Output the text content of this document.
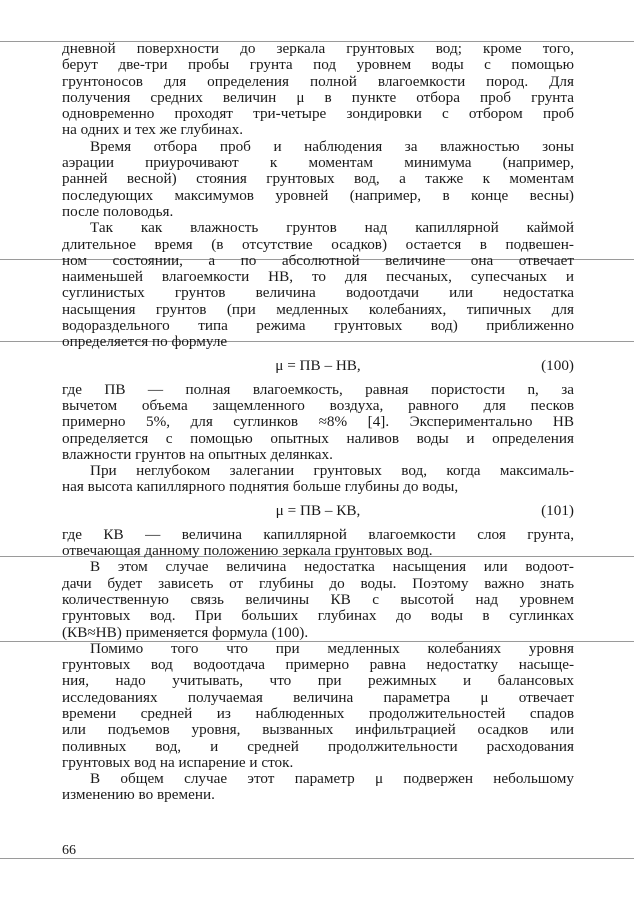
дневной поверхности до зеркала грунтовых вод; кроме того,
берут две-три пробы грунта под уровнем воды с помощью
грунтоносов для определения полной влагоемкости пород. Для
получения средних величин μ в пункте отбора проб грунта
одновременно проходят три-четыре зондировки с отбором проб
на одних и тех же глубинах.
Время отбора проб и наблюдения за влажностью зоны
аэрации приурочивают к моментам минимума (например,
ранней весной) стояния грунтовых вод, а также к моментам
последующих максимумов уровней (например, в конце весны)
после половодья.
Так как влажность грунтов над капиллярной каймой
длительное время (в отсутствие осадков) остается в подвешен-
ном состоянии, а по абсолютной величине она отвечает
наименьшей влагоемкости НВ, то для песчаных, супесчаных и
суглинистых грунтов величина водоотдачи или недостатка
насыщения грунтов (при медленных колебаниях, типичных для
водораздельного типа режима грунтовых вод) приближенно
определяется по формуле
μ = ПВ – НВ,	(100)
где ПВ — полная влагоемкость, равная пористости n, за
вычетом объема защемленного воздуха, равного для песков
примерно 5%, для суглинков ≈8% [4]. Экспериментально НВ
определяется с помощью опытных наливов воды и определения
влажности грунтов на опытных делянках.
При неглубоком залегании грунтовых вод, когда максималь-
ная высота капиллярного поднятия больше глубины до воды,
μ = ПВ – КВ,	(101)
где КВ — величина капиллярной влагоемкости слоя грунта,
отвечающая данному положению зеркала грунтовых вод.
В этом случае величина недостатка насыщения или водоот-
дачи будет зависеть от глубины до воды. Поэтому важно знать
количественную связь величины КВ с высотой над уровнем
грунтовых вод. При больших глубинах до воды в суглинках
(КВ≈НВ) применяется формула (100).
Помимо того что при медленных колебаниях уровня
грунтовых вод водоотдача примерно равна недостатку насыще-
ния, надо учитывать, что при режимных и балансовых
исследованиях получаемая величина параметра μ отвечает
времени средней из наблюденных продолжительностей спадов
или подъемов уровня, вызванных инфильтрацией осадков или
поливных вод, и средней продолжительности расходования
грунтовых вод на испарение и сток.
В общем случае этот параметр μ подвержен небольшому
изменению во времени.
66
